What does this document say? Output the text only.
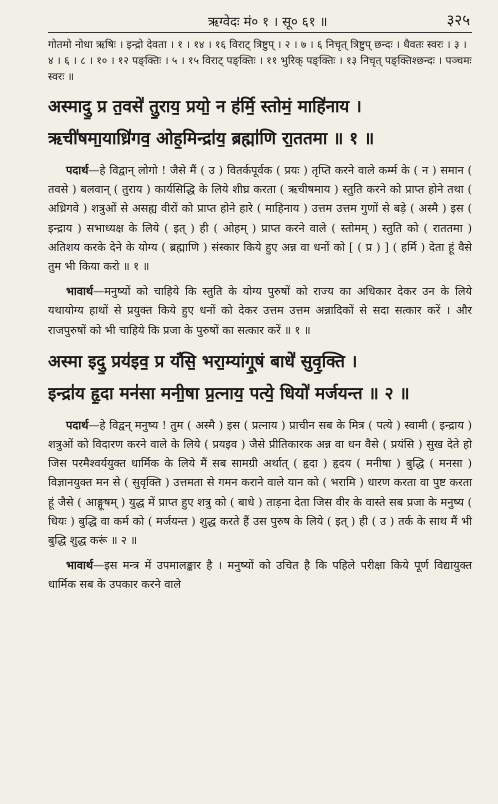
ऋग्वेदः मं० १ । सू० ६१ ॥	३२५
गोतमो नोधा ऋषिः । इन्द्रो देवता । १ । १४ । १६ विराट् त्रिष्टुप् । २ । ७ । ६ निचृत् त्रिष्टुप् छन्दः । धैवतः स्वरः । ३ । ४ । ६ । ८ । १० । १२ पङ्क्तिः । ५ । १५ विराट् पङ्क्तिः । ११ भुरिक् पङ्क्तिः । १३ निचृत् पङ्क्तिश्छन्दः । पञ्चमः स्वरः ॥
अस्मादु॒ प्र त॒वसे॑ तु॒राय॒ प्रयो॒ न ह॑र्मि॒ स्तोमं॒ माहि॑नाय ।
ऋची॑षमा॒याध्रि॑गव॒ ओह॒मिन्द्रा॑य॒ ब्रह्मा॑णि रा॒ततमा ॥ १ ॥

पदार्थ—हे विद्वान् लोगो ! जैसे मैं ( उ ) वितर्कपूर्वक ( प्रयः ) तृप्ति करने वाले कर्म्म के ( न ) समान ( तवसे ) बलवान् ( तुराय ) कार्यसिद्धि के लिये शीघ्र करता ( ऋचीषमाय ) स्तुति करने को प्राप्त होने तथा ( अध्रिगवे ) शत्रुओं से असह्य वीरों को प्राप्त होने हारे ( माहिनाय ) उत्तम उत्तम गुणों से बड़े ( अस्मै ) इस ( इन्द्राय ) सभाध्यक्ष के लिये ( इत् ) ही ( ओहम् ) प्राप्त करने वाले ( स्तोमम् ) स्तुति को ( राततमा ) अतिशय करके देने के योग्य ( ब्रह्माणि ) संस्कार किये हुए अन्न वा धनों को [ ( प्र ) ] ( हर्मि ) देता हूं वैसे तुम भी किया करो ॥ १ ॥

भावार्थ—मनुष्यों को चाहिये कि स्तुति के योग्य पुरुषों को राज्य का अधिकार देकर उन के लिये यथायोग्य हाथों से प्रयुक्त किये हुए धनों को देकर उत्तम उत्तम अन्नादिकों से सदा सत्कार करें । और राजपुरुषों को भी चाहिये कि प्रजा के पुरुषों का सत्कार करें ॥ १ ॥

अस्मा इदु॒ प्रय॑इव॒ प्र यं॑सि॒ भरा॒म्यांगू॒षं बाधे॑ सुवृ॒क्ति ।
इन्द्रा॑य हृ॒दा मन॑सा मनी॒षा प्र॒त्नाय॒ पत्ये॒ धियो॑ मर्जयन्त ॥ २ ॥

पदार्थ—हे विद्वन् मनुष्य ! तुम ( अस्मै ) इस ( प्रत्नाय ) प्राचीन सब के मित्र ( पत्ये ) स्वामी ( इन्द्राय ) शत्रुओं को विदारण करने वाले के लिये ( प्रयइव ) जैसे प्रीतिकारक अन्न वा धन वैसे ( प्रयंसि ) सुख देते हो जिस परमैश्वर्ययुक्त धार्मिक के लिये मैं सब सामग्री अर्थात् ( हृदा ) हृदय ( मनीषा ) बुद्धि ( मनसा ) विज्ञानयुक्त मन से ( सुवृक्ति ) उत्तमता से गमन कराने वाले यान को ( भरामि ) धारण करता वा पुष्ट करता हूं जैसे ( आङ्गूषम् ) युद्ध में प्राप्त हुए शत्रु को ( बाधे ) ताड़ना देता जिस वीर के वास्ते सब प्रजा के मनुष्य ( धियः ) बुद्धि वा कर्म को ( मर्जयन्त ) शुद्ध करते हैं उस पुरुष के लिये ( इत् ) ही ( उ ) तर्क के साथ मैं भी बुद्धि शुद्ध करूं ॥ २ ॥

भावार्थ—इस मन्त्र में उपमालङ्कार है । मनुष्यों को उचित है कि पहिले परीक्षा किये पूर्ण विद्यायुक्त धार्मिक सब के उपकार करने वाले
